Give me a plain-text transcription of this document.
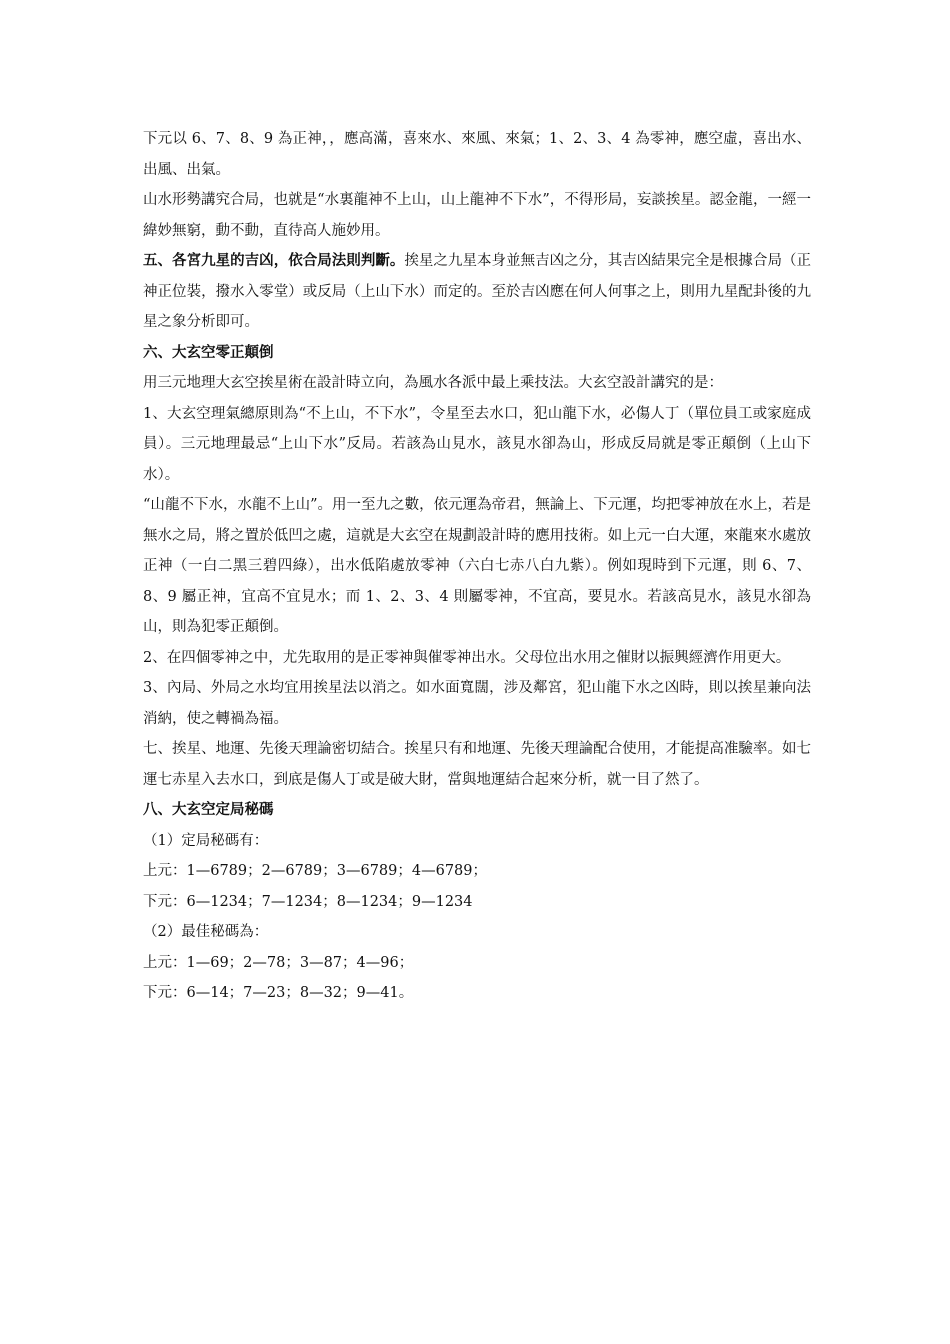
下元以 6、7、8、9 為正神，，應高滿，喜來水、來風、來氣；1、2、3、4 為零神，應空虛，喜出水、出風、出氣。

山水形勢講究合局，也就是“水裏龍神不上山，山上龍神不下水”，不得形局，妄談挨星。認金龍，一經一緯妙無窮，動不動，直待高人施妙用。

五、各宮九星的吉凶，依合局法則判斷。挨星之九星本身並無吉凶之分，其吉凶結果完全是根據合局（正神正位裝，撥水入零堂）或反局（上山下水）而定的。至於吉凶應在何人何事之上，則用九星配卦後的九星之象分析即可。

六、大玄空零正顛倒

用三元地理大玄空挨星術在設計時立向，為風水各派中最上乘技法。大玄空設計講究的是：

1、大玄空理氣總原則為“不上山，不下水”，令星至去水口，犯山龍下水，必傷人丁（單位員工或家庭成員）。三元地理最忌“上山下水”反局。若該為山見水，該見水卻為山，形成反局就是零正顛倒（上山下水）。

“山龍不下水，水龍不上山”。用一至九之數，依元運為帝君，無論上、下元運，均把零神放在水上，若是無水之局，將之置於低凹之處，這就是大玄空在規劃設計時的應用技術。如上元一白大運，來龍來水處放正神（一白二黑三碧四綠），出水低陷處放零神（六白七赤八白九紫）。例如現時到下元運，則 6、7、8、9 屬正神，宜高不宜見水；而 1、2、3、4 則屬零神，不宜高，要見水。若該高見水，該見水卻為山，則為犯零正顛倒。

2、在四個零神之中，尤先取用的是正零神與催零神出水。父母位出水用之催財以振興經濟作用更大。

3、內局、外局之水均宜用挨星法以消之。如水面寬闊，涉及鄰宮，犯山龍下水之凶時，則以挨星兼向法消納，使之轉禍為福。

七、挨星、地運、先後天理論密切結合。挨星只有和地運、先後天理論配合使用，才能提高准驗率。如七運七赤星入去水口，到底是傷人丁或是破大財，當與地運結合起來分析，就一目了然了。

八、大玄空定局秘碼

（1）定局秘碼有：

上元：1—6789；2—6789；3—6789；4—6789；

下元：6—1234；7—1234；8—1234；9—1234

（2）最佳秘碼為：

上元：1—69；2—78；3—87；4—96；

下元：6—14；7—23；8—32；9—41。
